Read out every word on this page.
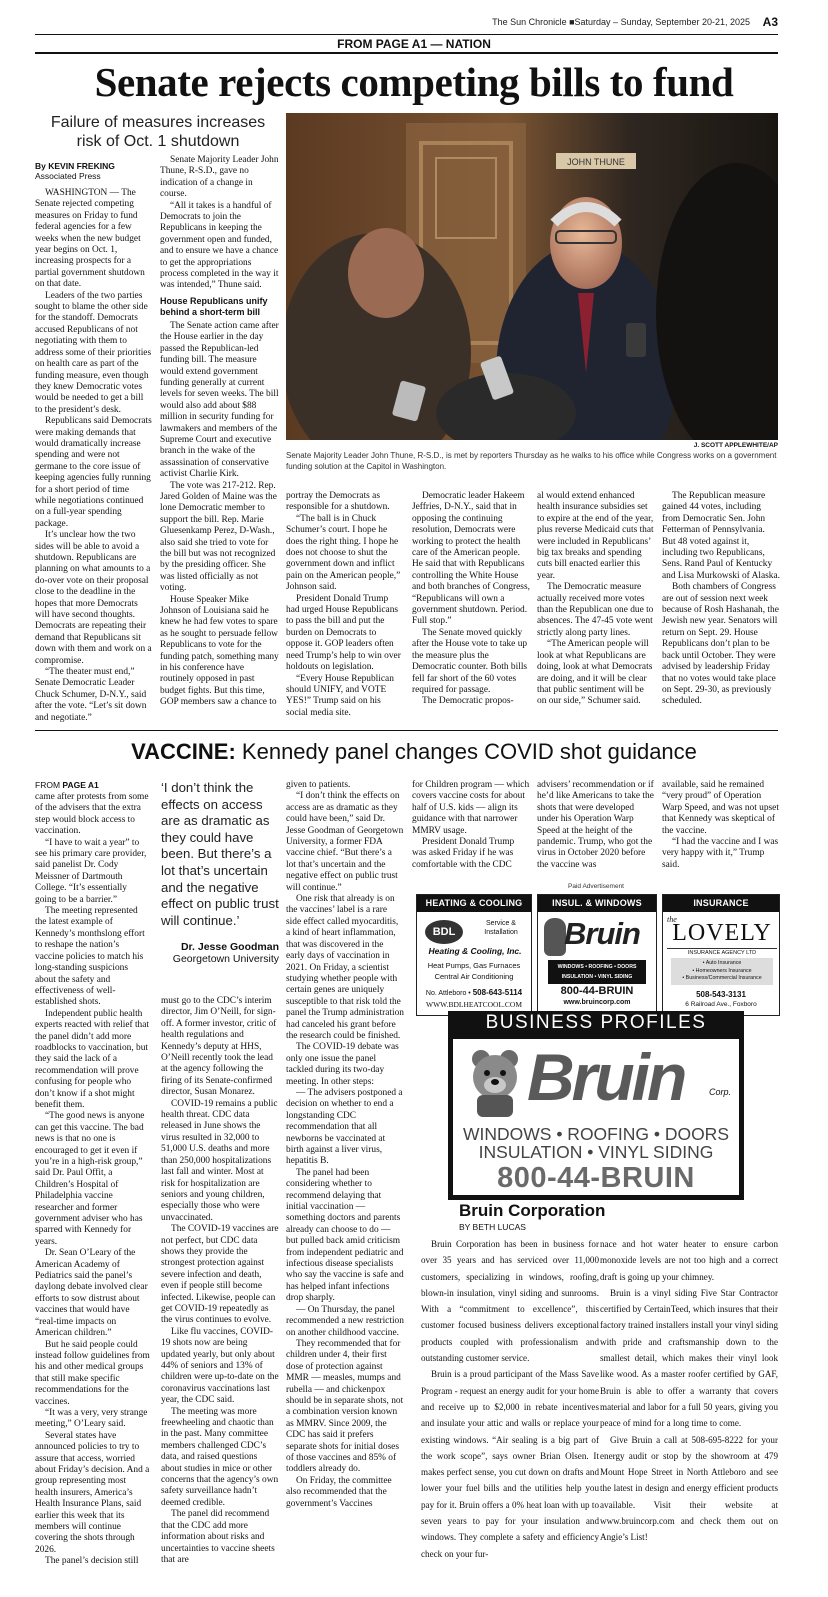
The Sun Chronicle ■Saturday – Sunday, September 20-21, 2025 A3
FROM PAGE A1 — NATION
Senate rejects competing bills to fund
Failure of measures increases risk of Oct. 1 shutdown
By KEVIN FREKING
Associated Press
JOHN THUNE
J. SCOTT APPLEWHITE/AP
Senate Majority Leader John Thune, R-S.D., is met by reporters Thursday as he walks to his office while Congress works on a government funding solution at the Capitol in Washington.

WASHINGTON — The Senate rejected competing measures on Friday to fund federal agencies for a few weeks when the new budget year begins on Oct. 1, increasing prospects for a partial government shutdown on that date.

Leaders of the two parties sought to blame the other side for the standoff. Democrats accused Republicans of not negotiating with them to address some of their priorities on health care as part of the funding measure, even though they knew Democratic votes would be needed to get a bill to the president’s desk.

Republicans said Democrats were making demands that would dramatically increase spending and were not germane to the core issue of keeping agencies fully running for a short period of time while negotiations continued on a full-year spending package.

It’s unclear how the two sides will be able to avoid a shutdown. Republicans are planning on what amounts to a do-over vote on their proposal close to the deadline in the hopes that more Democrats will have second thoughts. Democrats are repeating their demand that Republicans sit down with them and work on a compromise.

“The theater must end,” Senate Democratic Leader Chuck Schumer, D-N.Y., said after the vote. “Let’s sit down and negotiate.”

Senate Majority Leader John Thune, R-S.D., gave no indication of a change in course.

“All it takes is a handful of Democrats to join the Republicans in keeping the government open and funded, and to ensure we have a chance to get the appropriations process completed in the way it was intended,” Thune said.

House Republicans unify behind a short-term bill

The Senate action came after the House earlier in the day passed the Republican-led funding bill. The measure would extend government funding generally at current levels for seven weeks. The bill would also add about $88 million in security funding for lawmakers and members of the Supreme Court and executive branch in the wake of the assassination of conservative activist Charlie Kirk.

The vote was 217-212. Rep. Jared Golden of Maine was the lone Democratic member to support the bill. Rep. Marie Gluesenkamp Perez, D-Wash., also said she tried to vote for the bill but was not recognized by the presiding officer. She was listed officially as not voting.

House Speaker Mike Johnson of Louisiana said he knew he had few votes to spare as he sought to persuade fellow Republicans to vote for the funding patch, something many in his conference have routinely opposed in past budget fights. But this time, GOP members saw a chance to

portray the Democrats as responsible for a shutdown.

“The ball is in Chuck Schumer’s court. I hope he does the right thing. I hope he does not choose to shut the government down and inflict pain on the American people,” Johnson said.

President Donald Trump had urged House Republicans to pass the bill and put the burden on Democrats to oppose it. GOP leaders often need Trump’s help to win over holdouts on legislation.

“Every House Republican should UNIFY, and VOTE YES!” Trump said on his social media site.

Democratic leader Hakeem Jeffries, D-N.Y., said that in opposing the continuing resolution, Democrats were working to protect the health care of the American people. He said that with Republicans controlling the White House and both branches of Congress, “Republicans will own a government shutdown. Period. Full stop.”

The Senate moved quickly after the House vote to take up the measure plus the Democratic counter. Both bills fell far short of the 60 votes required for passage.

The Democratic propos-

al would extend enhanced health insurance subsidies set to expire at the end of the year, plus reverse Medicaid cuts that were included in Republicans’ big tax breaks and spending cuts bill enacted earlier this year.

The Democratic measure actually received more votes than the Republican one due to absences. The 47-45 vote went strictly along party lines.

“The American people will look at what Republicans are doing, look at what Democrats are doing, and it will be clear that public sentiment will be on our side,” Schumer said.

The Republican measure gained 44 votes, including from Democratic Sen. John Fetterman of Pennsylvania. But 48 voted against it, including two Republicans, Sens. Rand Paul of Kentucky and Lisa Murkowski of Alaska.

Both chambers of Congress are out of session next week because of Rosh Hashanah, the Jewish new year. Senators will return on Sept. 29. House Republicans don’t plan to be back until October. They were advised by leadership Friday that no votes would take place on Sept. 29-30, as previously scheduled.

VACCINE: Kennedy panel changes COVID shot guidance
FROM PAGE A1

came after protests from some of the advisers that the extra step would block access to vaccination.

“I have to wait a year” to see his primary care provider, said panelist Dr. Cody Meissner of Dartmouth College. “It’s essentially going to be a barrier.”

The meeting represented the latest example of Kennedy’s monthslong effort to reshape the nation’s vaccine policies to match his long-standing suspicions about the safety and effectiveness of well-established shots.

Independent public health experts reacted with relief that the panel didn’t add more roadblocks to vaccination, but they said the lack of a recommendation will prove confusing for people who don’t know if a shot might benefit them.

“The good news is anyone can get this vaccine. The bad news is that no one is encouraged to get it even if you’re in a high-risk group,” said Dr. Paul Offit, a Children’s Hospital of Philadelphia vaccine researcher and former government adviser who has sparred with Kennedy for years.

Dr. Sean O’Leary of the American Academy of Pediatrics said the panel’s daylong debate involved clear efforts to sow distrust about vaccines that would have “real-time impacts on American children.”

But he said people could instead follow guidelines from his and other medical groups that still make specific recommendations for the vaccines.

“It was a very, very strange meeting,” O’Leary said.

Several states have announced policies to try to assure that access, worried about Friday’s decision. And a group representing most health insurers, America’s Health Insurance Plans, said earlier this week that its members will continue covering the shots through 2026.

The panel’s decision still

‘I don’t think the effects on access are as dramatic as they could have been. But there’s a lot that’s uncertain and the negative effect on public trust will continue.’
Dr. Jesse Goodman
Georgetown University

must go to the CDC’s interim director, Jim O’Neill, for sign-off. A former investor, critic of health regulations and Kennedy’s deputy at HHS, O’Neill recently took the lead at the agency following the firing of its Senate-confirmed director, Susan Monarez.

COVID-19 remains a public health threat. CDC data released in June shows the virus resulted in 32,000 to 51,000 U.S. deaths and more than 250,000 hospitalizations last fall and winter. Most at risk for hospitalization are seniors and young children, especially those who were unvaccinated.

The COVID-19 vaccines are not perfect, but CDC data shows they provide the strongest protection against severe infection and death, even if people still become infected. Likewise, people can get COVID-19 repeatedly as the virus continues to evolve.

Like flu vaccines, COVID-19 shots now are being updated yearly, but only about 44% of seniors and 13% of children were up-to-date on the coronavirus vaccinations last year, the CDC said.

The meeting was more freewheeling and chaotic than in the past. Many committee members challenged CDC’s data, and raised questions about studies in mice or other concerns that the agency’s own safety surveillance hadn’t deemed credible.

The panel did recommend that the CDC add more information about risks and uncertainties to vaccine sheets that are

given to patients.

“I don’t think the effects on access are as dramatic as they could have been,” said Dr. Jesse Goodman of Georgetown University, a former FDA vaccine chief. “But there’s a lot that’s uncertain and the negative effect on public trust will continue.”

One risk that already is on the vaccines’ label is a rare side effect called myocarditis, a kind of heart inflammation, that was discovered in the early days of vaccination in 2021. On Friday, a scientist studying whether people with certain genes are uniquely susceptible to that risk told the panel the Trump administration had canceled his grant before the research could be finished.

The COVID-19 debate was only one issue the panel tackled during its two-day meeting. In other steps:

— The advisers postponed a decision on whether to end a longstanding CDC recommendation that all newborns be vaccinated at birth against a liver virus, hepatitis B.

The panel had been considering whether to recommend delaying that initial vaccination — something doctors and parents already can choose to do — but pulled back amid criticism from independent pediatric and infectious disease specialists who say the vaccine is safe and has helped infant infections drop sharply.

— On Thursday, the panel recommended a new restriction on another childhood vaccine.

They recommended that for children under 4, their first dose of protection against MMR — measles, mumps and rubella — and chickenpox should be in separate shots, not a combination version known as MMRV. Since 2009, the CDC has said it prefers separate shots for initial doses of those vaccines and 85% of toddlers already do.

On Friday, the committee also recommended that the government’s Vaccines

for Children program — which covers vaccine costs for about half of U.S. kids — align its guidance with that narrower MMRV usage.

President Donald Trump was asked Friday if he was comfortable with the CDC

advisers’ recommendation or if he’d like Americans to take the shots that were developed under his Operation Warp Speed at the height of the pandemic. Trump, who got the virus in October 2020 before the vaccine was

available, said he remained “very proud” of Operation Warp Speed, and was not upset that Kennedy was skeptical of the vaccine.

“I had the vaccine and I was very happy with it,” Trump said.

Paid Advertisement
HEATING & COOLING
BDL
Service &
Installation
Heating & Cooling, Inc.
Heat Pumps, Gas Furnaces
Central Air Conditioning
No. Attleboro • 508-643-5114
WWW.BDLHEATCOOL.COM
INSUL. & WINDOWS
Bruin
WINDOWS • ROOFING • DOORS
INSULATION • VINYL SIDING
800-44-BRUIN
www.bruincorp.com
INSURANCE
the
LOVELY
INSURANCE AGENCY LTD
• Auto Insurance
• Homeowners Insurance
• Business/Commercial Insurance
508-543-3131
6 Railroad Ave., Foxboro
BUSINESS PROFILES
Bruin	Corp.
WINDOWS • ROOFING • DOORS
INSULATION • VINYL SIDING
800-44-BRUIN
Bruin Corporation
BY BETH LUCAS

Bruin Corporation has been in business for over 35 years and has serviced over 11,000 customers, specializing in windows, roofing, blown-in insulation, vinyl siding and sunrooms. With a “commitment to excellence”, this customer focused business delivers exceptional products coupled with professionalism and outstanding customer service.

Bruin is a proud participant of the Mass Save Program - request an energy audit for your home and receive up to $2,000 in rebate incentives and insulate your attic and walls or replace your existing windows. “Air sealing is a big part of the work scope”, says owner Brian Olsen. It makes perfect sense, you cut down on drafts and lower your fuel bills and the utilities help you pay for it. Bruin offers a 0% heat loan with up to seven years to pay for your insulation and windows. They complete a safety and efficiency check on your fur-

nace and hot water heater to ensure carbon monoxide levels are not too high and a correct draft is going up your chimney.

Bruin is a vinyl siding Five Star Contractor certified by CertainTeed, which insures that their factory trained installers install your vinyl siding with pride and craftsmanship down to the smallest detail, which makes their vinyl look like wood. As a master roofer certified by GAF, Bruin is able to offer a warranty that covers material and labor for a full 50 years, giving you peace of mind for a long time to come.

Give Bruin a call at 508-695-8222 for your energy audit or stop by the showroom at 479 Mount Hope Street in North Attleboro and see the latest in design and energy efficient products available. Visit their website at www.bruincorp.com and check them out on Angie’s List!
